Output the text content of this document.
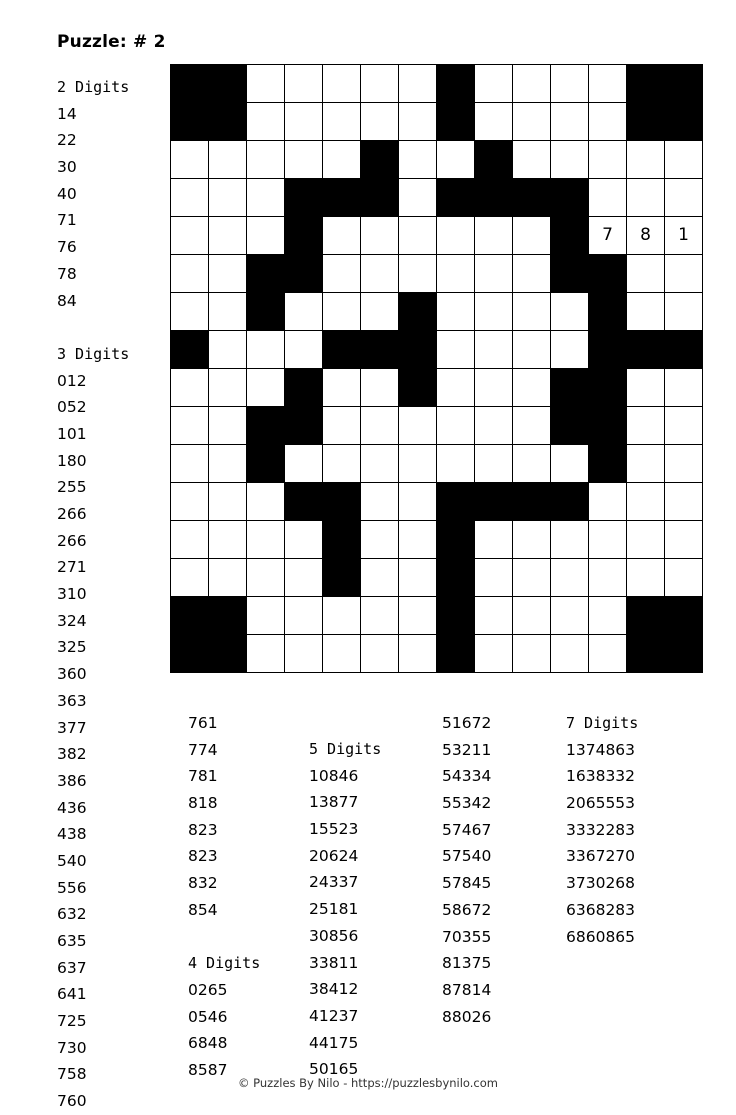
Puzzle: # 2

											7	8	1

2 Digits
14
22
30
40
71
76
78
84
3 Digits
012
052
101
180
255
266
266
271
310
324
325
360
363
377
382
386
436
438
540
556
632
635
637
641
725
730
758
760
761
774
781
818
823
823
832
854
4 Digits
0265
0546
6848
8587
5 Digits
10846
13877
15523
20624
24337
25181
30856
33811
38412
41237
44175
50165
51672
53211
54334
55342
57467
57540
57845
58672
70355
81375
87814
88026
7 Digits
1374863
1638332
2065553
3332283
3367270
3730268
6368283
6860865
© Puzzles By Nilo - https://puzzlesbynilo.com
